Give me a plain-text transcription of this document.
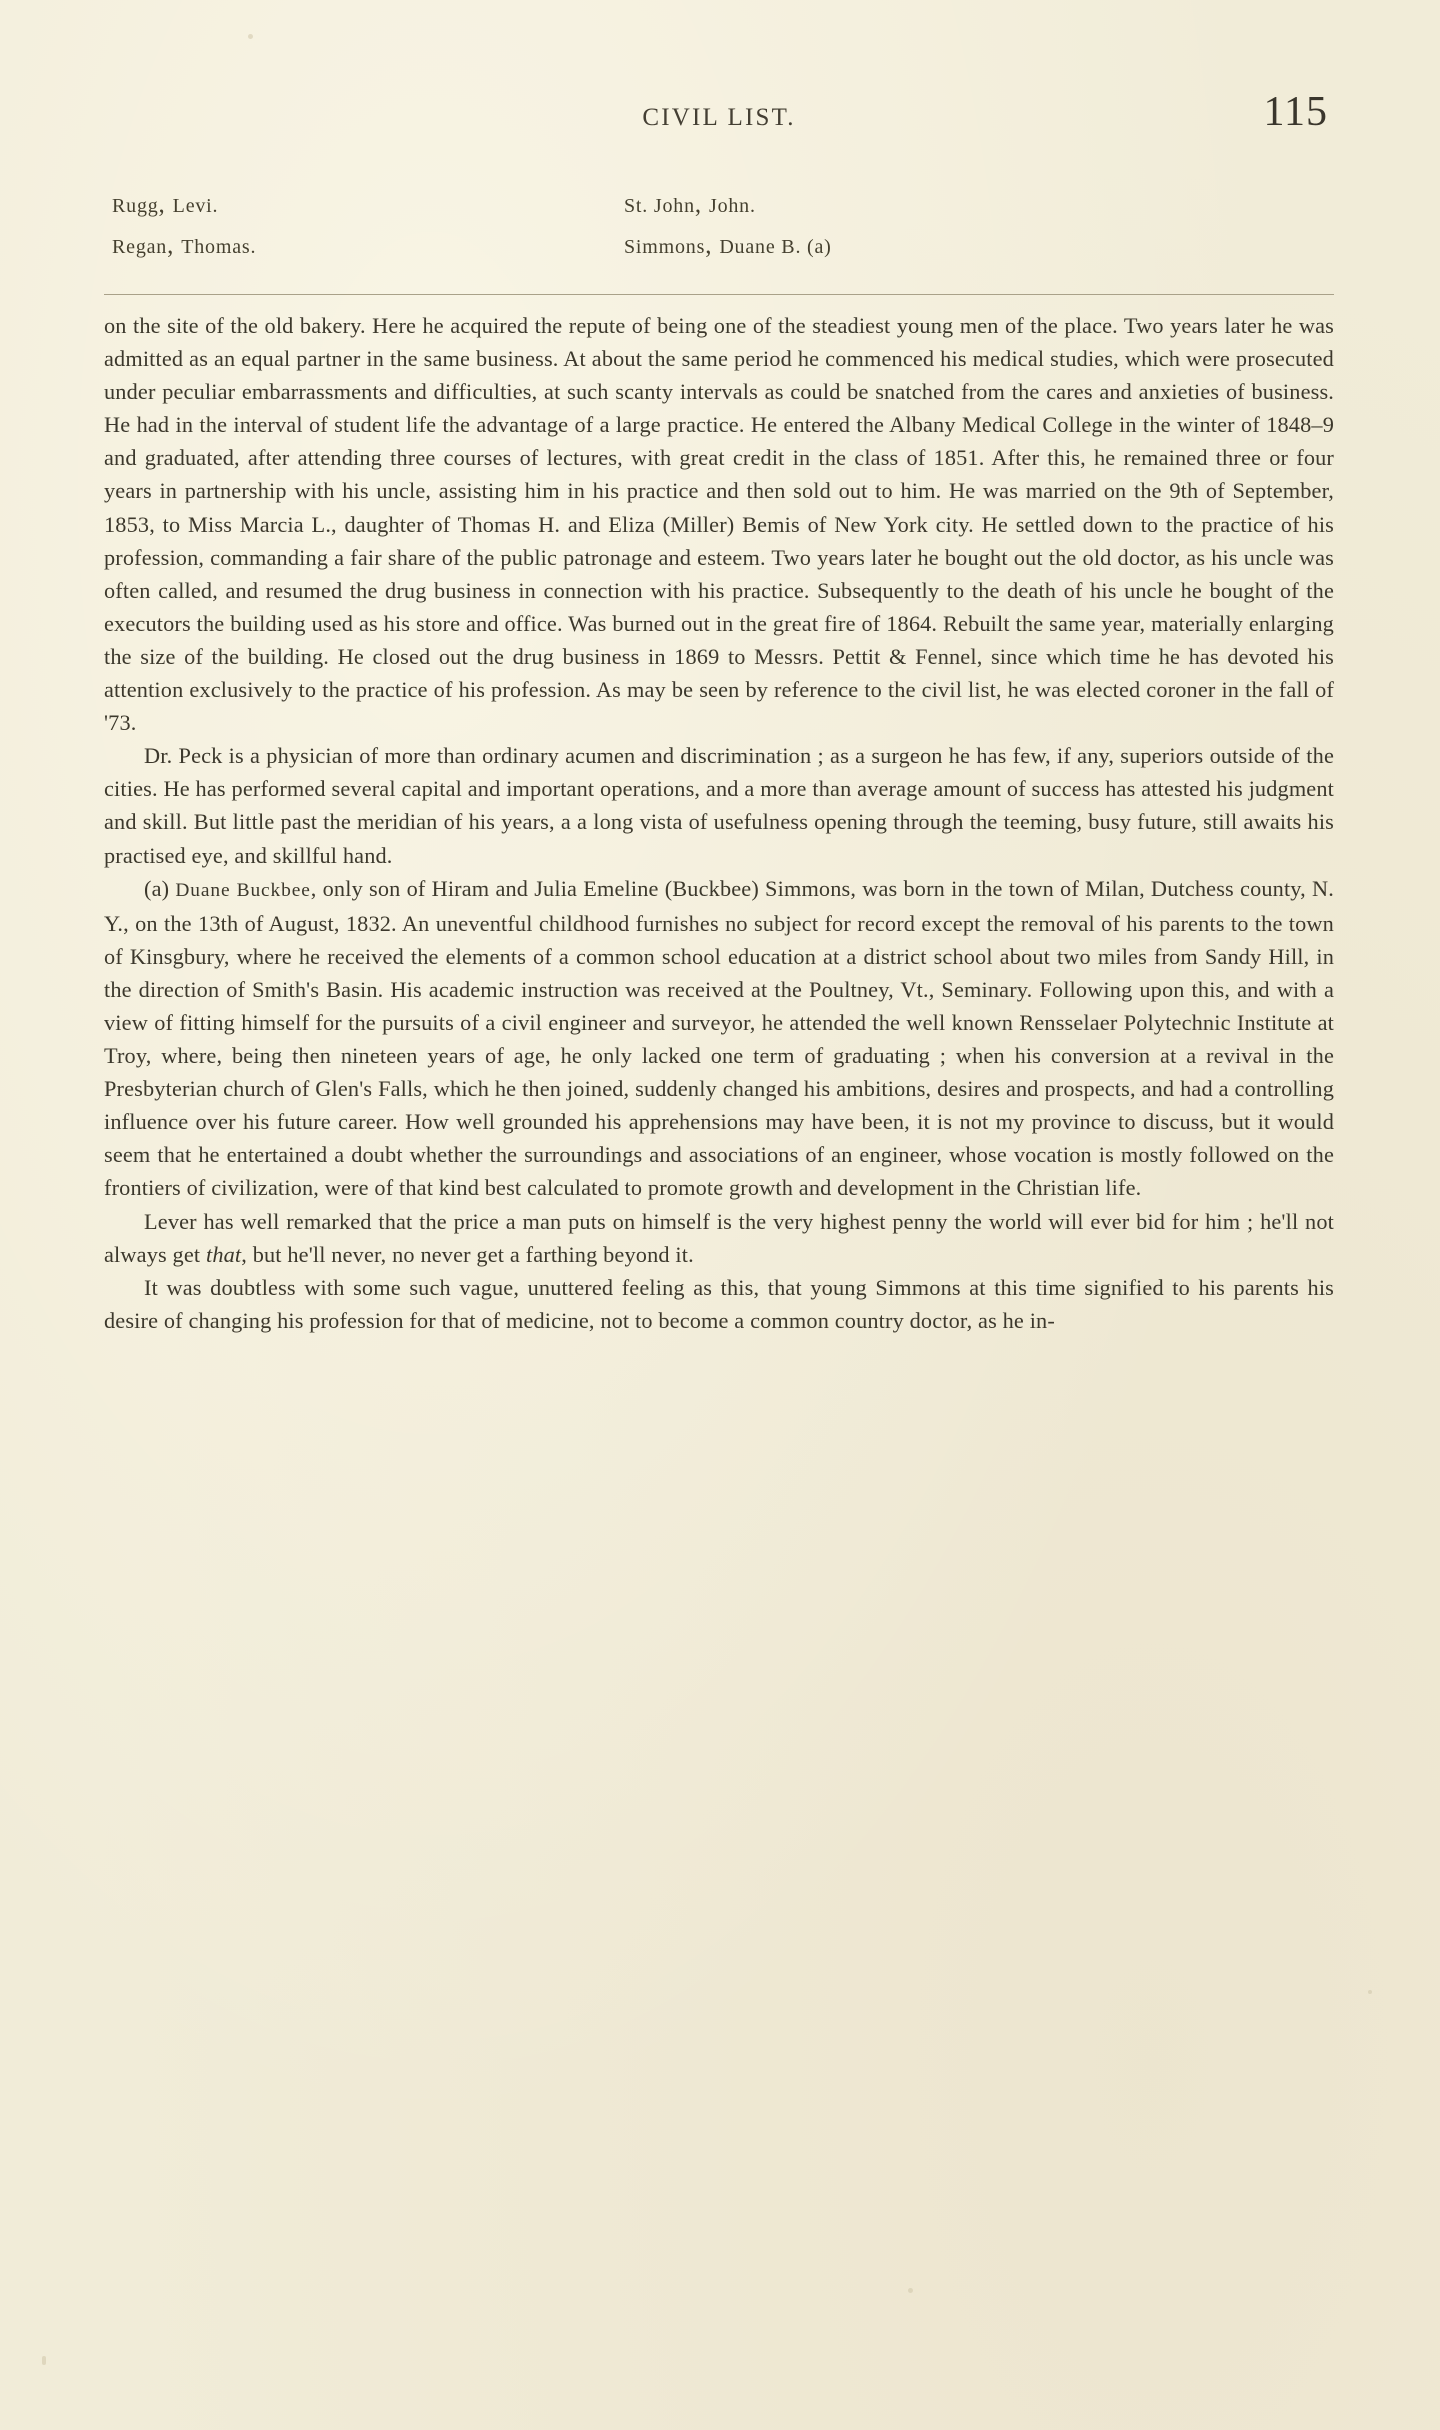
CIVIL LIST.	115
Rugg, Levi.
Regan, Thomas.
St. John, John.
Simmons, Duane B. (a)

on the site of the old bakery. Here he acquired the repute of being one of the steadiest young men of the place. Two years later he was admitted as an equal partner in the same business. At about the same period he commenced his medical studies, which were prosecuted under peculiar embarrassments and difficulties, at such scanty intervals as could be snatched from the cares and anxieties of business. He had in the interval of student life the advantage of a large practice. He entered the Albany Medical College in the winter of 1848–9 and graduated, after attending three courses of lectures, with great credit in the class of 1851. After this, he remained three or four years in partnership with his uncle, assisting him in his practice and then sold out to him. He was married on the 9th of September, 1853, to Miss Marcia L., daughter of Thomas H. and Eliza (Miller) Bemis of New York city. He settled down to the practice of his profession, commanding a fair share of the public patronage and esteem. Two years later he bought out the old doctor, as his uncle was often called, and resumed the drug business in connection with his practice. Subsequently to the death of his uncle he bought of the executors the building used as his store and office. Was burned out in the great fire of 1864. Rebuilt the same year, materially enlarging the size of the building. He closed out the drug business in 1869 to Messrs. Pettit & Fennel, since which time he has devoted his attention exclusively to the practice of his profession. As may be seen by reference to the civil list, he was elected coroner in the fall of '73.

Dr. Peck is a physician of more than ordinary acumen and discrimination ; as a surgeon he has few, if any, superiors outside of the cities. He has performed several capital and important operations, and a more than average amount of success has attested his judgment and skill. But little past the meridian of his years, a a long vista of usefulness opening through the teeming, busy future, still awaits his practised eye, and skillful hand.

(a) Duane Buckbee, only son of Hiram and Julia Emeline (Buckbee) Simmons, was born in the town of Milan, Dutchess county, N. Y., on the 13th of August, 1832. An uneventful childhood furnishes no subject for record except the removal of his parents to the town of Kinsgbury, where he received the elements of a common school education at a district school about two miles from Sandy Hill, in the direction of Smith's Basin. His academic instruction was received at the Poultney, Vt., Seminary. Following upon this, and with a view of fitting himself for the pursuits of a civil engineer and surveyor, he attended the well known Rensselaer Polytechnic Institute at Troy, where, being then nineteen years of age, he only lacked one term of graduating ; when his conversion at a revival in the Presbyterian church of Glen's Falls, which he then joined, suddenly changed his ambitions, desires and prospects, and had a controlling influence over his future career. How well grounded his apprehensions may have been, it is not my province to discuss, but it would seem that he entertained a doubt whether the surroundings and associations of an engineer, whose vocation is mostly followed on the frontiers of civilization, were of that kind best calculated to promote growth and development in the Christian life.

Lever has well remarked that the price a man puts on himself is the very highest penny the world will ever bid for him ; he'll not always get that, but he'll never, no never get a farthing beyond it.

It was doubtless with some such vague, unuttered feeling as this, that young Simmons at this time signified to his parents his desire of changing his profession for that of medicine, not to become a common country doctor, as he in-
